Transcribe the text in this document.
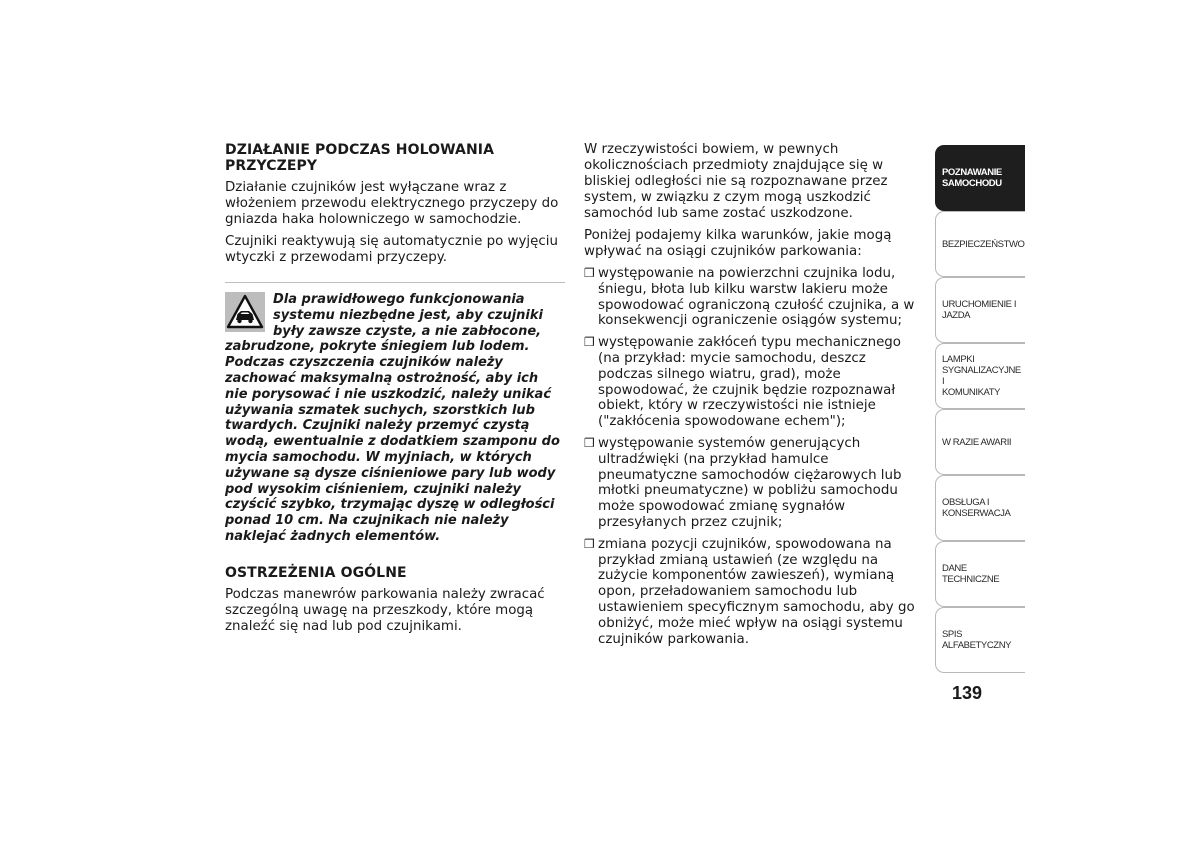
DZIAŁANIE PODCZAS HOLOWANIA PRZYCZEPY

Działanie czujników jest wyłączane wraz z włożeniem przewodu elektrycznego przyczepy do gniazda haka holowniczego w samochodzie.

Czujniki reaktywują się automatycznie po wyjęciu wtyczki z przewodami przyczepy.

Dla prawidłowego funkcjonowania systemu niezbędne jest, aby czujniki były zawsze czyste, a nie zabłocone, zabrudzone, pokryte śniegiem lub lodem. Podczas czyszczenia czujników należy zachować maksymalną ostrożność, aby ich nie porysować i nie uszkodzić, należy unikać używania szmatek suchych, szorstkich lub twardych. Czujniki należy przemyć czystą wodą, ewentualnie z dodatkiem szamponu do mycia samochodu. W myjniach, w których używane są dysze ciśnieniowe pary lub wody pod wysokim ciśnieniem, czujniki należy czyścić szybko, trzymając dyszę w odległości ponad 10 cm. Na czujnikach nie należy naklejać żadnych elementów.

OSTRZEŻENIA OGÓLNE

Podczas manewrów parkowania należy zwracać szczególną uwagę na przeszkody, które mogą znaleźć się nad lub pod czujnikami.

W rzeczywistości bowiem, w pewnych okolicznościach przedmioty znajdujące się w bliskiej odległości nie są rozpoznawane przez system, w związku z czym mogą uszkodzić samochód lub same zostać uszkodzone.

Poniżej podajemy kilka warunków, jakie mogą wpływać na osiągi czujników parkowania:

❒ występowanie na powierzchni czujnika lodu, śniegu, błota lub kilku warstw lakieru może spowodować ograniczoną czułość czujnika, a w konsekwencji ograniczenie osiągów systemu;
❒ występowanie zakłóceń typu mechanicznego (na przykład: mycie samochodu, deszcz podczas silnego wiatru, grad), może spowodować, że czujnik będzie rozpoznawał obiekt, który w rzeczywistości nie istnieje ("zakłócenia spowodowane echem");
❒ występowanie systemów generujących ultradźwięki (na przykład hamulce pneumatyczne samochodów ciężarowych lub młotki pneumatyczne) w pobliżu samochodu może spowodować zmianę sygnałów przesyłanych przez czujnik;
❒ zmiana pozycji czujników, spowodowana na przykład zmianą ustawień (ze względu na zużycie komponentów zawieszeń), wymianą opon, przeładowaniem samochodu lub ustawieniem specyficznym samochodu, aby go obniżyć, może mieć wpływ na osiągi systemu czujników parkowania.
POZNAWANIE
SAMOCHODU
BEZPIECZEŃSTWO
URUCHOMIENIE I
JAZDA
LAMPKI
SYGNALIZACYJNE I
KOMUNIKATY
W RAZIE AWARII
OBSŁUGA I
KONSERWACJA
DANE TECHNICZNE
SPIS ALFABETYCZNY
139
